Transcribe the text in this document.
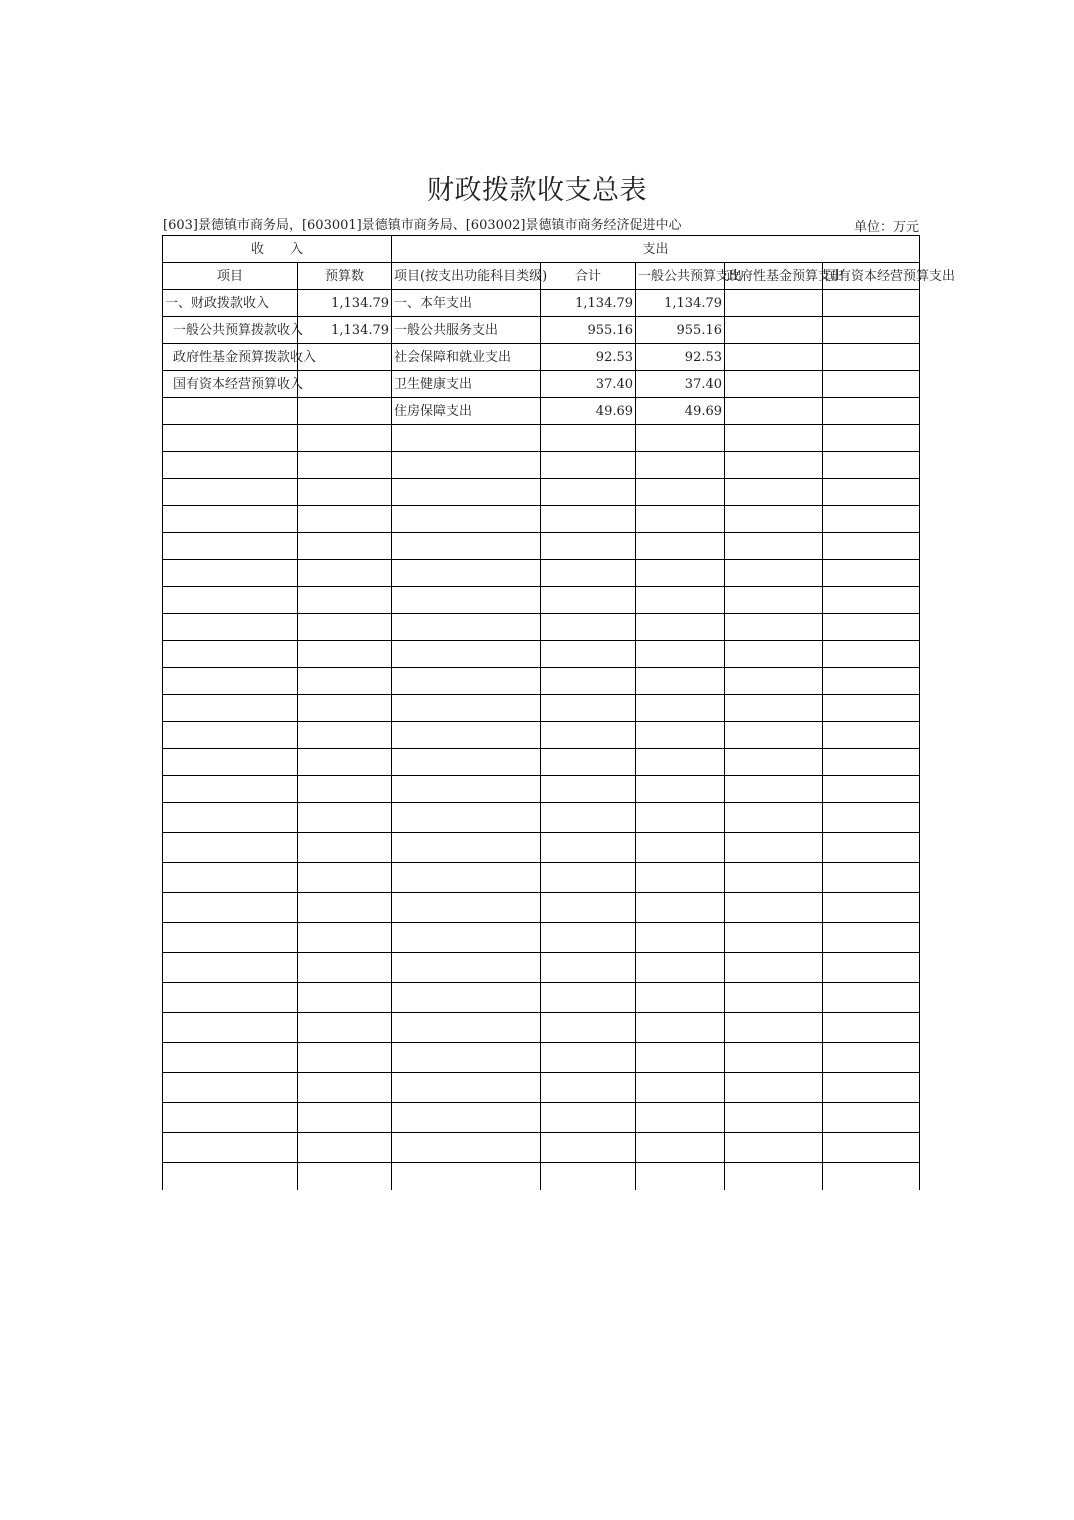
财政拨款收支总表
[603]景德镇市商务局，[603001]景德镇市商务局、[603002]景德镇市商务经济促进中心	单位：万元
收　　入		支出				
项目	预算数	项目(按支出功能科目类级)	合计	一般公共预算支出	政府性基金预算支出	国有资本经营预算支出
一、财政拨款收入	1,134.79	一、本年支出	1,134.79	1,134.79		
一般公共预算拨款收入	1,134.79	一般公共服务支出	955.16	955.16		
政府性基金预算拨款收入		社会保障和就业支出	92.53	92.53		
国有资本经营预算收入		卫生健康支出	37.40	37.40		
		住房保障支出	49.69	49.69		
